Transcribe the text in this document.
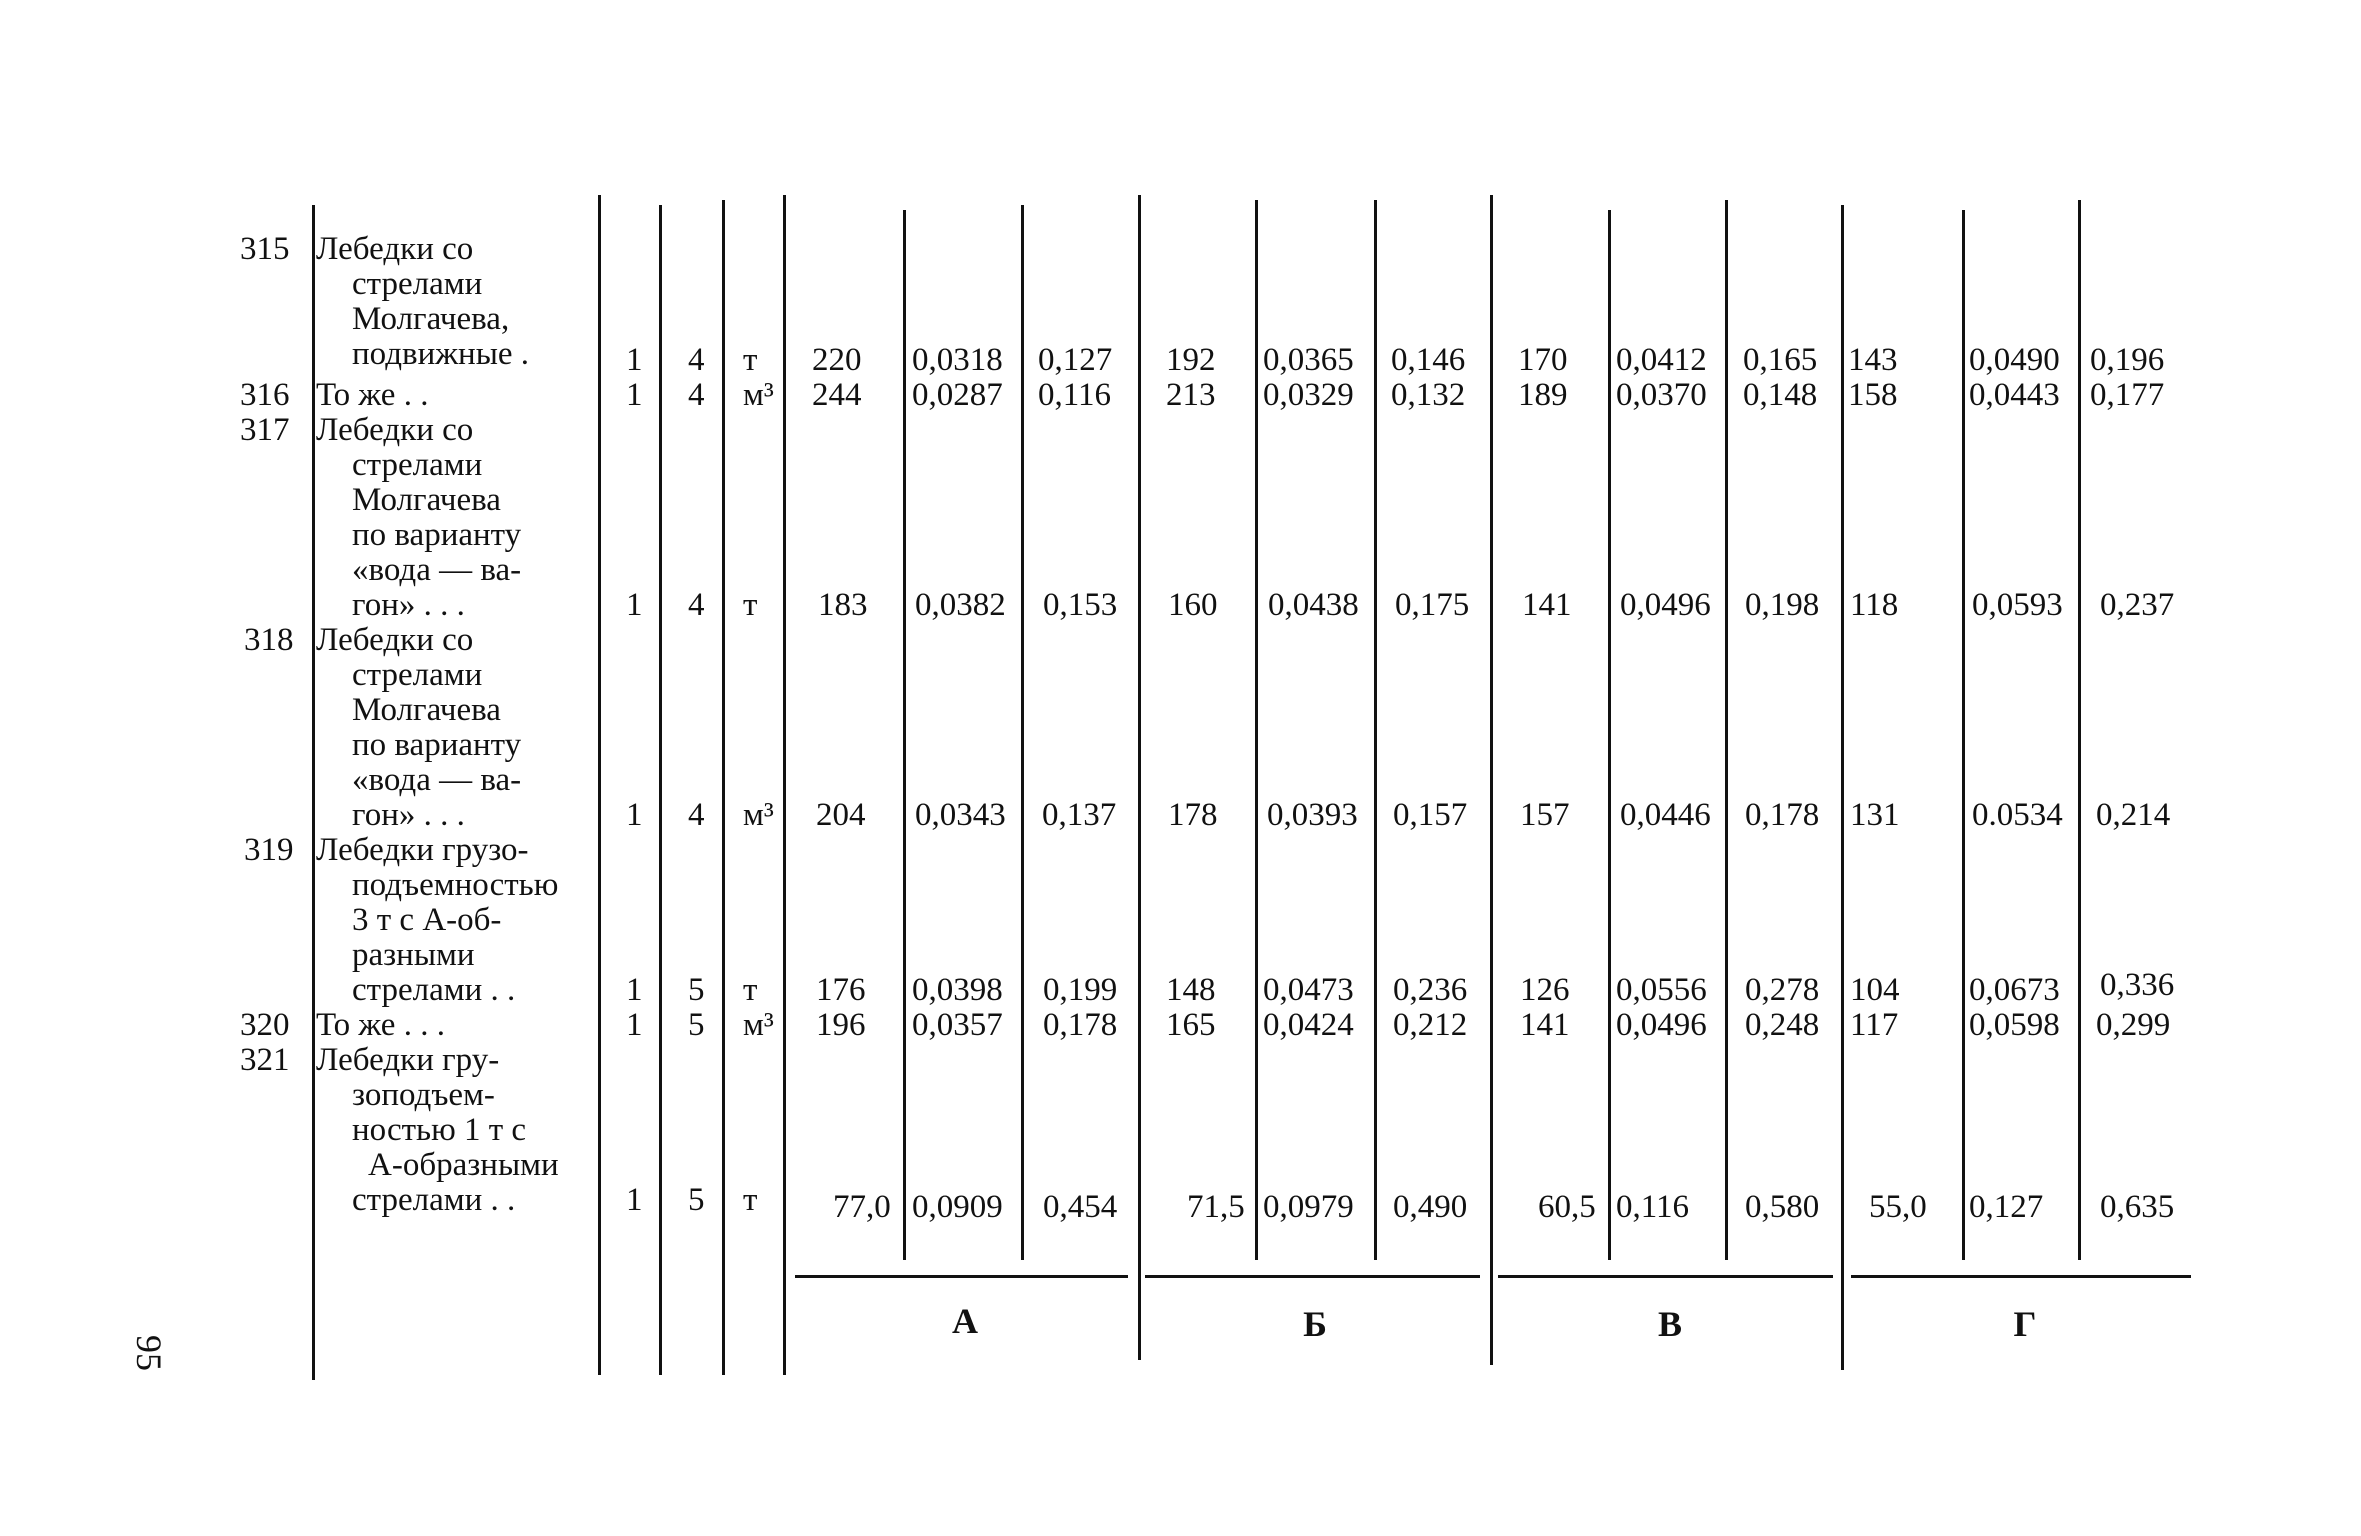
А	Б	В	Г
315 Лебедки со
стрелами
Молгачева,
подвижные .	1 4 т 220 0,0318 0,127 192 0,0365 0,146 170 0,0412 0,165 143 0,0490 0,196
316 То же . .	1 4 м³ 244 0,0287 0,116 213 0,0329 0,132 189 0,0370 0,148 158 0,0443 0,177
317 Лебедки со
стрелами
Молгачева
по варианту
«вода — ва-
гон» . . .	1 4 т 183 0,0382 0,153 160 0,0438 0,175 141 0,0496 0,198 118 0,0593 0,237
318 Лебедки со
стрелами
Молгачева
по варианту
«вода — ва-
гон» . . .	1 4 м³ 204 0,0343 0,137 178 0,0393 0,157 157 0,0446 0,178 131 0.0534 0,214
319 Лебедки грузо-
подъемностью
3 т с А-об-
разными
стрелами . .	1 5 т 176 0,0398 0,199 148 0,0473 0,236 126 0,0556 0,278 104 0,0673 0,336
320 То же . . .	1 5 м³ 196 0,0357 0,178 165 0,0424 0,212 141 0,0496 0,248 117 0,0598 0,299
321 Лебедки гру-
зоподъем-
ностью 1 т с
А-образными
стрелами . .	1 5 т 77,0 0,0909 0,454 71,5 0,0979 0,490 60,5 0,116 0,580 55,0 0,127 0,635
95
